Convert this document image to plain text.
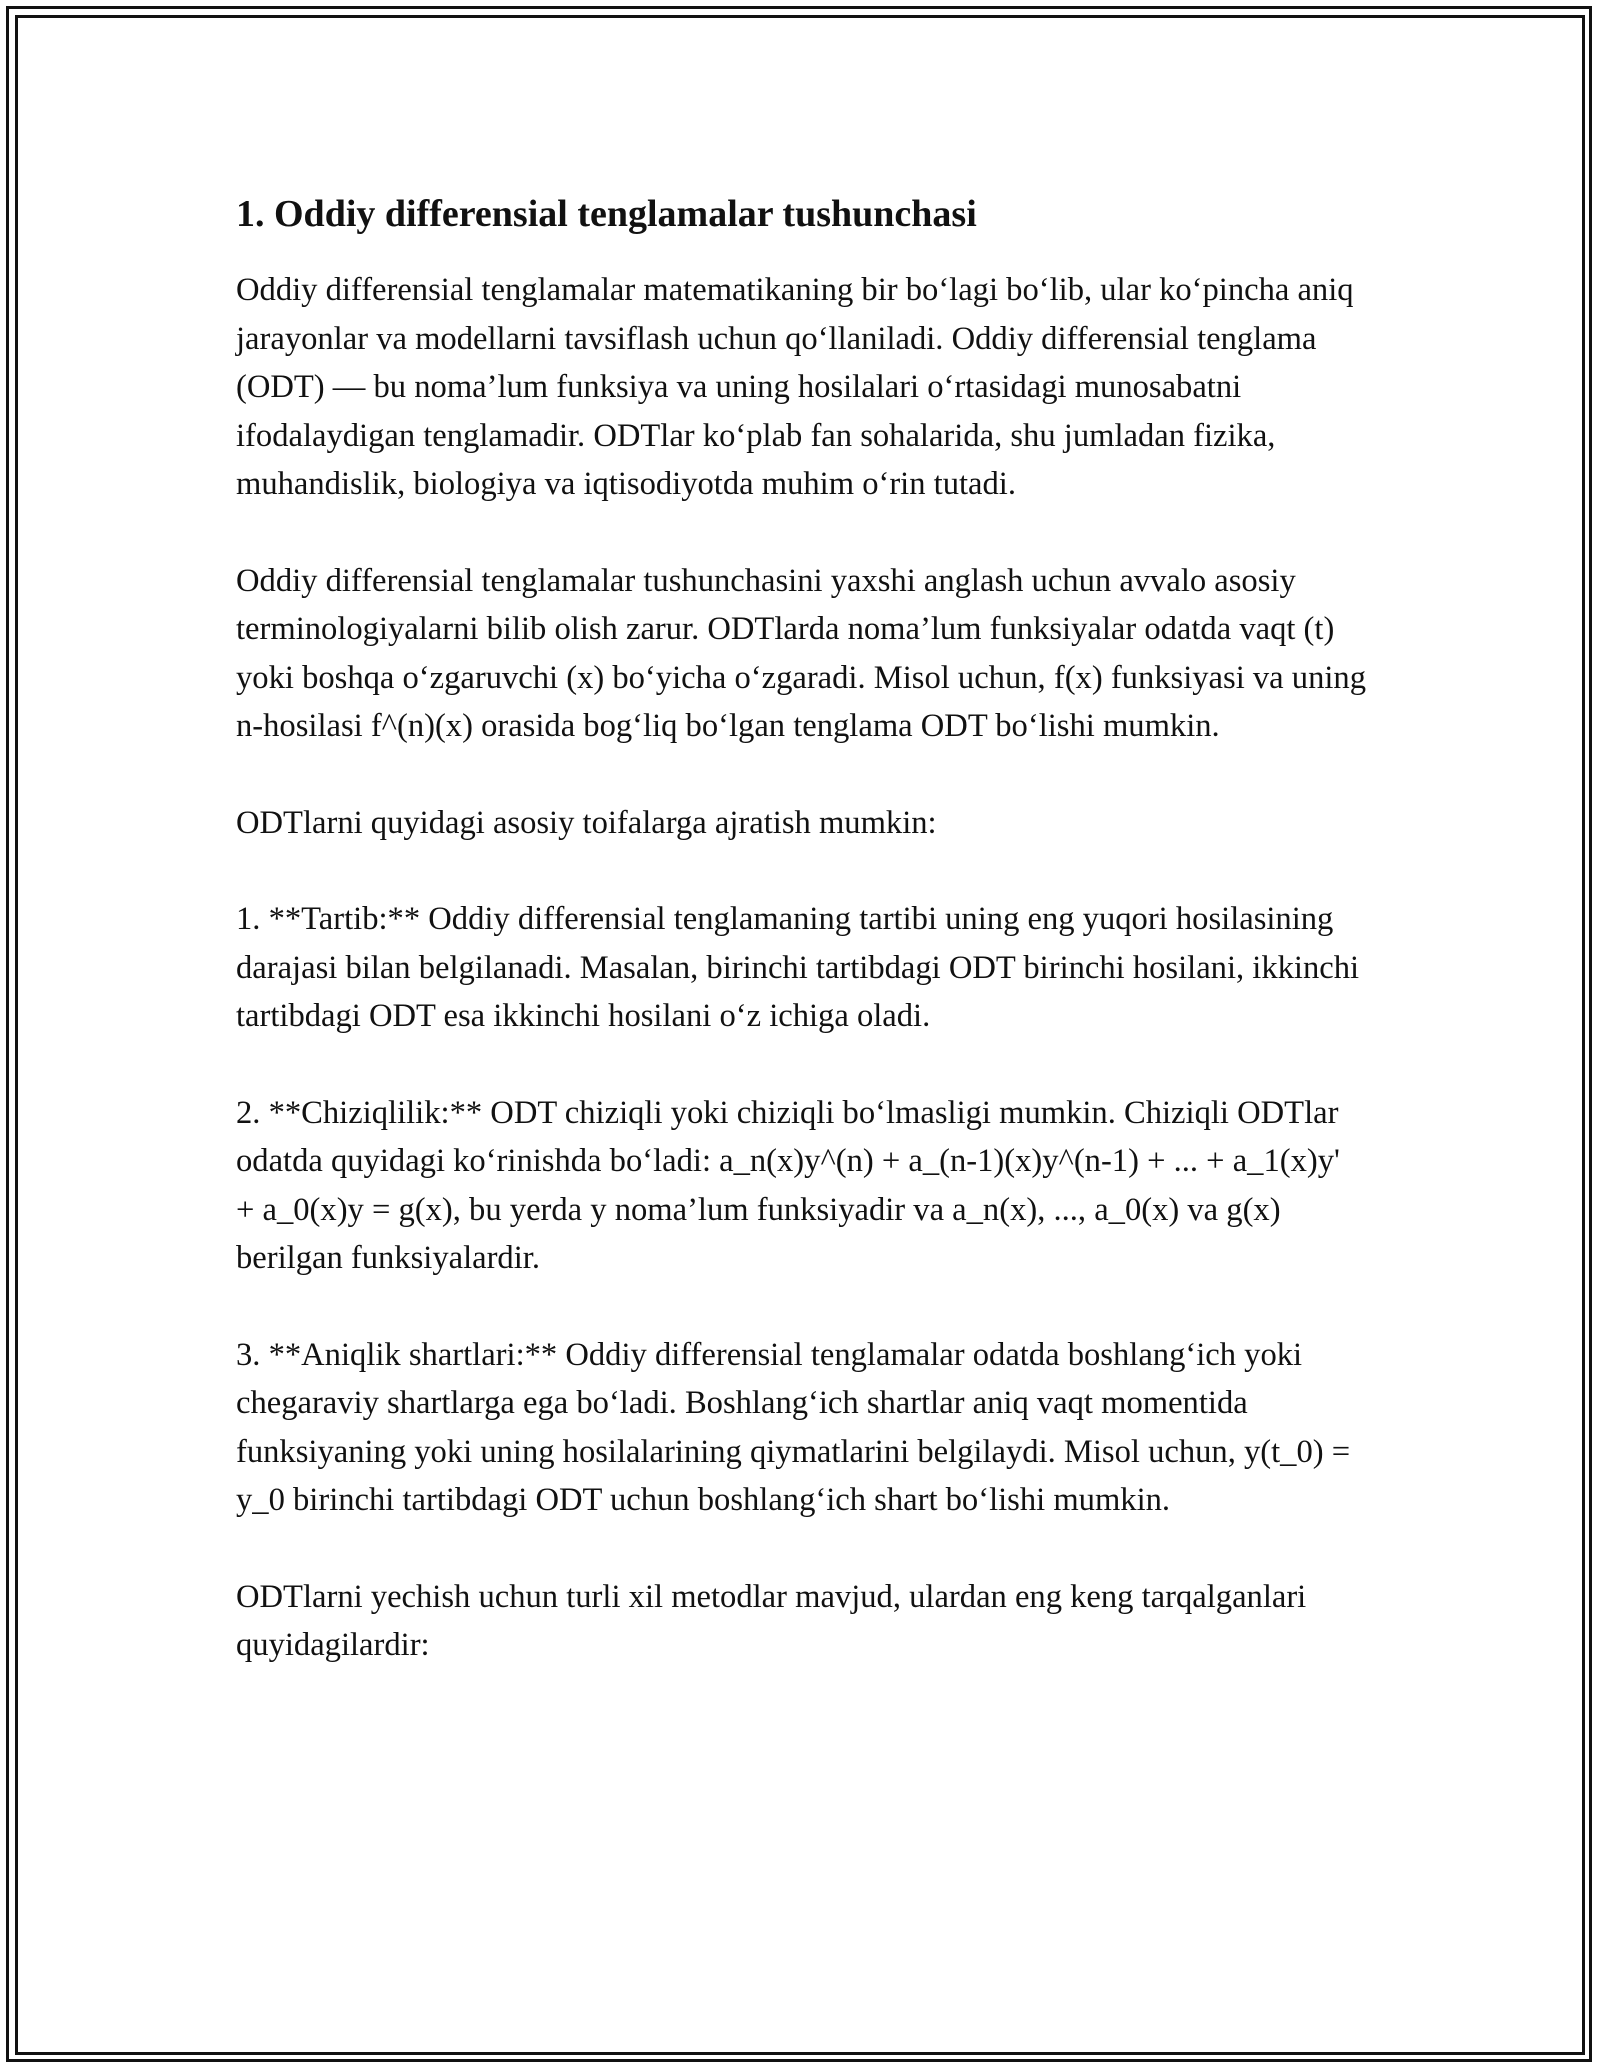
1. Oddiy differensial tenglamalar tushunchasi

Oddiy differensial tenglamalar matematikaning bir bo‘lagi bo‘lib, ular ko‘pincha aniq jarayonlar va modellarni tavsiflash uchun qo‘llaniladi. Oddiy differensial tenglama (ODT) — bu noma’lum funksiya va uning hosilalari o‘rtasidagi munosabatni ifodalaydigan tenglamadir. ODTlar ko‘plab fan sohalarida, shu jumladan fizika, muhandislik, biologiya va iqtisodiyotda muhim o‘rin tutadi.

Oddiy differensial tenglamalar tushunchasini yaxshi anglash uchun avvalo asosiy terminologiyalarni bilib olish zarur. ODTlarda noma’lum funksiyalar odatda vaqt (t) yoki boshqa o‘zgaruvchi (x) bo‘yicha o‘zgaradi. Misol uchun, f(x) funksiyasi va uning n-hosilasi f^(n)(x) orasida bog‘liq bo‘lgan tenglama ODT bo‘lishi mumkin.

ODTlarni quyidagi asosiy toifalarga ajratish mumkin:

1. **Tartib:** Oddiy differensial tenglamaning tartibi uning eng yuqori hosilasining darajasi bilan belgilanadi. Masalan, birinchi tartibdagi ODT birinchi hosilani, ikkinchi tartibdagi ODT esa ikkinchi hosilani o‘z ichiga oladi.

2. **Chiziqlilik:** ODT chiziqli yoki chiziqli bo‘lmasligi mumkin. Chiziqli ODTlar odatda quyidagi ko‘rinishda bo‘ladi: a_n(x)y^(n) + a_(n-1)(x)y^(n-1) + ... + a_1(x)y' + a_0(x)y = g(x), bu yerda y noma’lum funksiyadir va a_n(x), ..., a_0(x) va g(x) berilgan funksiyalardir.

3. **Aniqlik shartlari:** Oddiy differensial tenglamalar odatda boshlang‘ich yoki chegaraviy shartlarga ega bo‘ladi. Boshlang‘ich shartlar aniq vaqt momentida funksiyaning yoki uning hosilalarining qiymatlarini belgilaydi. Misol uchun, y(t_0) = y_0 birinchi tartibdagi ODT uchun boshlang‘ich shart bo‘lishi mumkin.

ODTlarni yechish uchun turli xil metodlar mavjud, ulardan eng keng tarqalganlari quyidagilardir:
